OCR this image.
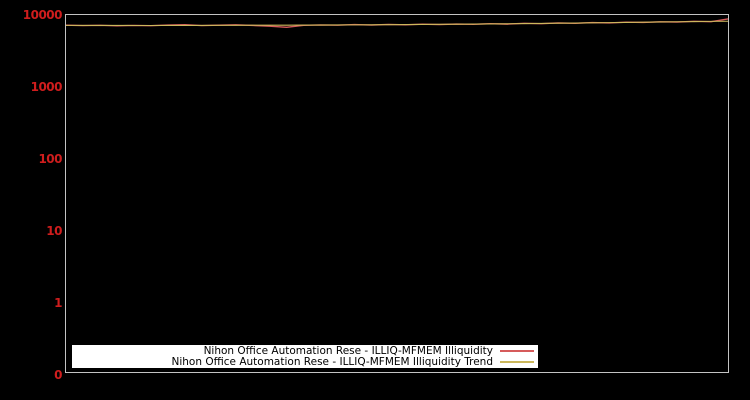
10000
1000
100
10
1
0
Nihon Office Automation Rese - ILLIQ-MFMEM Illiquidity
Nihon Office Automation Rese - ILLIQ-MFMEM Illiquidity Trend
